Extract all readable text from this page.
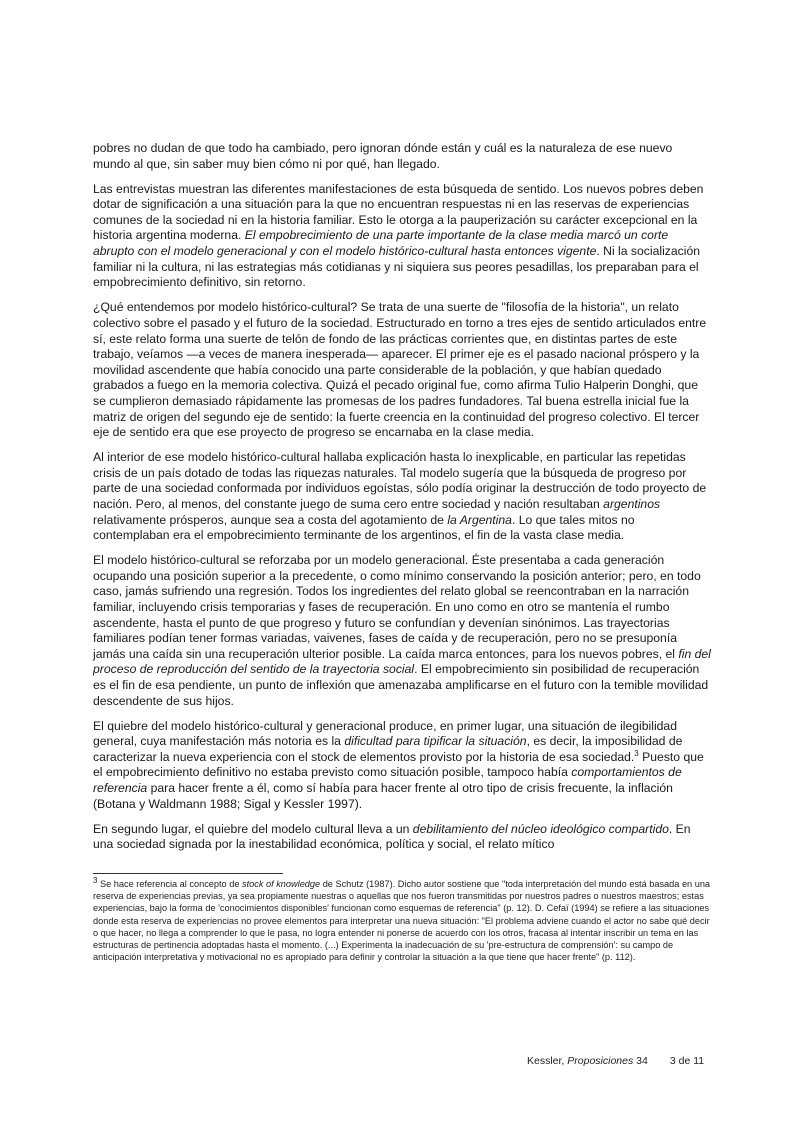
pobres no dudan de que todo ha cambiado, pero ignoran dónde están y cuál es la naturaleza de ese nuevo mundo al que, sin saber muy bien cómo ni por qué, han llegado.

Las entrevistas muestran las diferentes manifestaciones de esta búsqueda de sentido. Los nuevos pobres deben dotar de significación a una situación para la que no encuentran respuestas ni en las reservas de experiencias comunes de la sociedad ni en la historia familiar. Esto le otorga a la pauperización su carácter excepcional en la historia argentina moderna. El empobrecimiento de una parte importante de la clase media marcó un corte abrupto con el modelo generacional y con el modelo histórico-cultural hasta entonces vigente. Ni la socialización familiar ni la cultura, ni las estrategias más cotidianas y ni siquiera sus peores pesadillas, los preparaban para el empobrecimiento definitivo, sin retorno.

¿Qué entendemos por modelo histórico-cultural? Se trata de una suerte de "filosofía de la historia", un relato colectivo sobre el pasado y el futuro de la sociedad. Estructurado en torno a tres ejes de sentido articulados entre sí, este relato forma una suerte de telón de fondo de las prácticas corrientes que, en distintas partes de este trabajo, veíamos —a veces de manera inesperada— aparecer. El primer eje es el pasado nacional próspero y la movilidad ascendente que había conocido una parte considerable de la población, y que habían quedado grabados a fuego en la memoria colectiva. Quizá el pecado original fue, como afirma Tulio Halperin Donghi, que se cumplieron demasiado rápidamente las promesas de los padres fundadores. Tal buena estrella inicial fue la matriz de origen del segundo eje de sentido: la fuerte creencia en la continuidad del progreso colectivo. El tercer eje de sentido era que ese proyecto de progreso se encarnaba en la clase media.

Al interior de ese modelo histórico-cultural hallaba explicación hasta lo inexplicable, en particular las repetidas crisis de un país dotado de todas las riquezas naturales. Tal modelo sugería que la búsqueda de progreso por parte de una sociedad conformada por individuos egoístas, sólo podía originar la destrucción de todo proyecto de nación. Pero, al menos, del constante juego de suma cero entre sociedad y nación resultaban argentinos relativamente prósperos, aunque sea a costa del agotamiento de la Argentina. Lo que tales mitos no contemplaban era el empobrecimiento terminante de los argentinos, el fin de la vasta clase media.

El modelo histórico-cultural se reforzaba por un modelo generacional. Éste presentaba a cada generación ocupando una posición superior a la precedente, o como mínimo conservando la posición anterior; pero, en todo caso, jamás sufriendo una regresión. Todos los ingredientes del relato global se reencontraban en la narración familiar, incluyendo crisis temporarias y fases de recuperación. En uno como en otro se mantenía el rumbo ascendente, hasta el punto de que progreso y futuro se confundían y devenían sinónimos. Las trayectorias familiares podían tener formas variadas, vaivenes, fases de caída y de recuperación, pero no se presuponía jamás una caída sin una recuperación ulterior posible. La caída marca entonces, para los nuevos pobres, el fin del proceso de reproducción del sentido de la trayectoria social. El empobrecimiento sin posibilidad de recuperación es el fin de esa pendiente, un punto de inflexión que amenazaba amplificarse en el futuro con la temible movilidad descendente de sus hijos.

El quiebre del modelo histórico-cultural y generacional produce, en primer lugar, una situación de ilegibilidad general, cuya manifestación más notoria es la dificultad para tipificar la situación, es decir, la imposibilidad de caracterizar la nueva experiencia con el stock de elementos provisto por la historia de esa sociedad.$^3$ Puesto que el empobrecimiento definitivo no estaba previsto como situación posible, tampoco había comportamientos de referencia para hacer frente a él, como sí había para hacer frente al otro tipo de crisis frecuente, la inflación (Botana y Waldmann 1988; Sigal y Kessler 1997).

En segundo lugar, el quiebre del modelo cultural lleva a un debilitamiento del núcleo ideológico compartido. En una sociedad signada por la inestabilidad económica, política y social, el relato mítico

$^3$ Se hace referencia al concepto de stock of knowledge de Schutz (1987). Dicho autor sostiene que "toda interpretación del mundo está basada en una reserva de experiencias previas, ya sea propiamente nuestras o aquellas que nos fueron transmitidas por nuestros padres o nuestros maestros; estas experiencias, bajo la forma de 'conocimientos disponibles' funcionan como esquemas de referencia" (p. 12). D. Cefaï (1994) se refiere a las situaciones donde esta reserva de experiencias no provee elementos para interpretar una nueva situación: "El problema adviene cuando el actor no sabe qué decir o que hacer, no llega a comprender lo que le pasa, no logra entender ni ponerse de acuerdo con los otros, fracasa al intentar inscribir un tema en las estructuras de pertinencia adoptadas hasta el momento. (...) Experimenta la inadecuación de su 'pre-estructura de comprensión': su campo de anticipación interpretativa y motivacional no es apropiado para definir y controlar la situación a la que tiene que hacer frente" (p. 112).

Kessler, Proposiciones 34 3 de 11
